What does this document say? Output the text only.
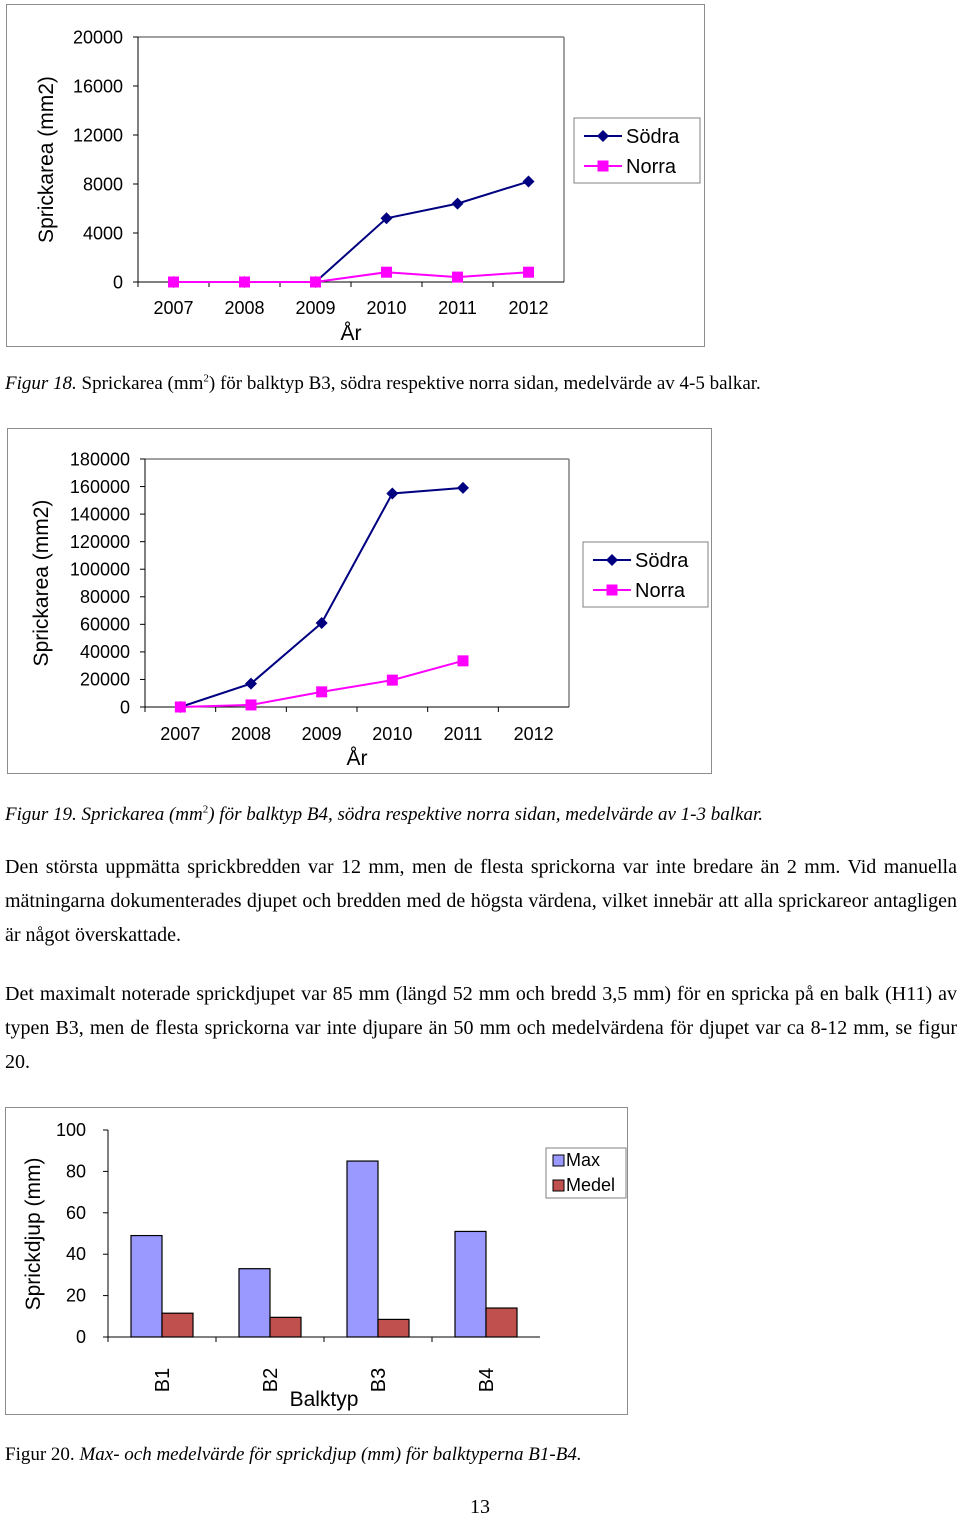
0
4000
8000
12000
16000
20000
2007 2008 2009 2010 2011 2012
År
Sprickarea (mm2)	Södra
Norra
Figur 18. Sprickarea $(mm^2)$ för balktyp B3, södra respektive norra sidan, medelvärde av 4-5 balkar.
0
20000
40000
60000
80000
100000
120000
140000
160000
180000
2007 2008 2009 2010 2011 2012
År
Sprickarea (mm2)	Södra
Norra
Figur 19. Sprickarea $(mm^2)$ för balktyp B4, södra respektive norra sidan, medelvärde av 1-3 balkar.
Den största uppmätta sprickbredden var 12 mm, men de flesta sprickorna var inte bredare än 2 mm. Vid manuella mätningarna dokumenterades djupet och bredden med de högsta värdena, vilket innebär att alla sprickareor antagligen är något överskattade.
Det maximalt noterade sprickdjupet var 85 mm (längd 52 mm och bredd 3,5 mm) för en spricka på en balk (H11) av typen B3, men de flesta sprickorna var inte djupare än 50 mm och medelvärdena för djupet var ca 8-12 mm, se figur 20.
0
20
40
60
80
100
B1	B2	B3	B4
Balktyp
Sprickdjup (mm)	Max
Medel
Figur 20. Max- och medelvärde för sprickdjup (mm) för balktyperna B1-B4.
13
